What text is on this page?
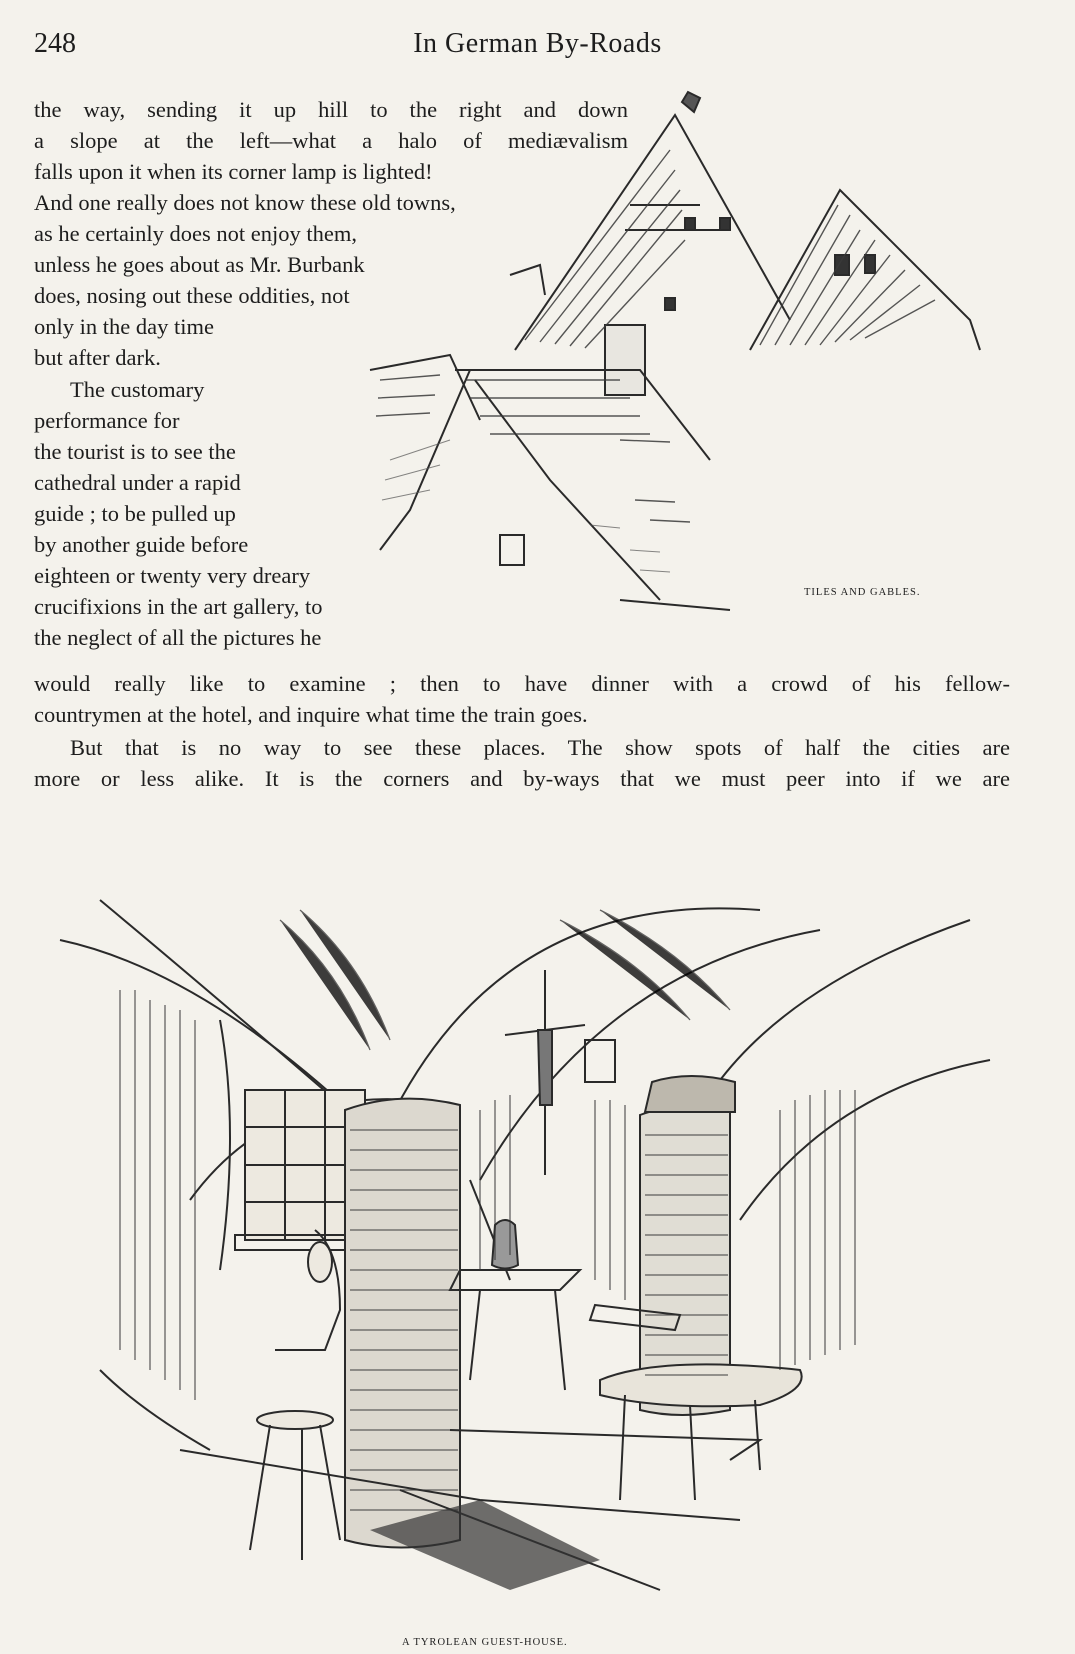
248	In German By-Roads
the way, sending it up hill to the right and down
a slope at the left—what a halo of mediævalism
falls upon it when its corner lamp is lighted!
And one really does not know these old towns,
as he certainly does not enjoy them,
unless he goes about as Mr. Burbank
does, nosing out these oddities, not
only in the day time
but after dark.
The customary
performance for
the tourist is to see the
cathedral under a rapid
guide ; to be pulled up
by another guide before
eighteen or twenty very dreary
crucifixions in the art gallery, to
the neglect of all the pictures he
would really like to examine ; then to have dinner with a crowd of his fellow-
countrymen at the hotel, and inquire what time the train goes.
But that is no way to see these places. The show spots of half the cities are
more or less alike. It is the corners and by-ways that we must peer into if we are
TILES AND GABLES.
A TYROLEAN GUEST-HOUSE.
